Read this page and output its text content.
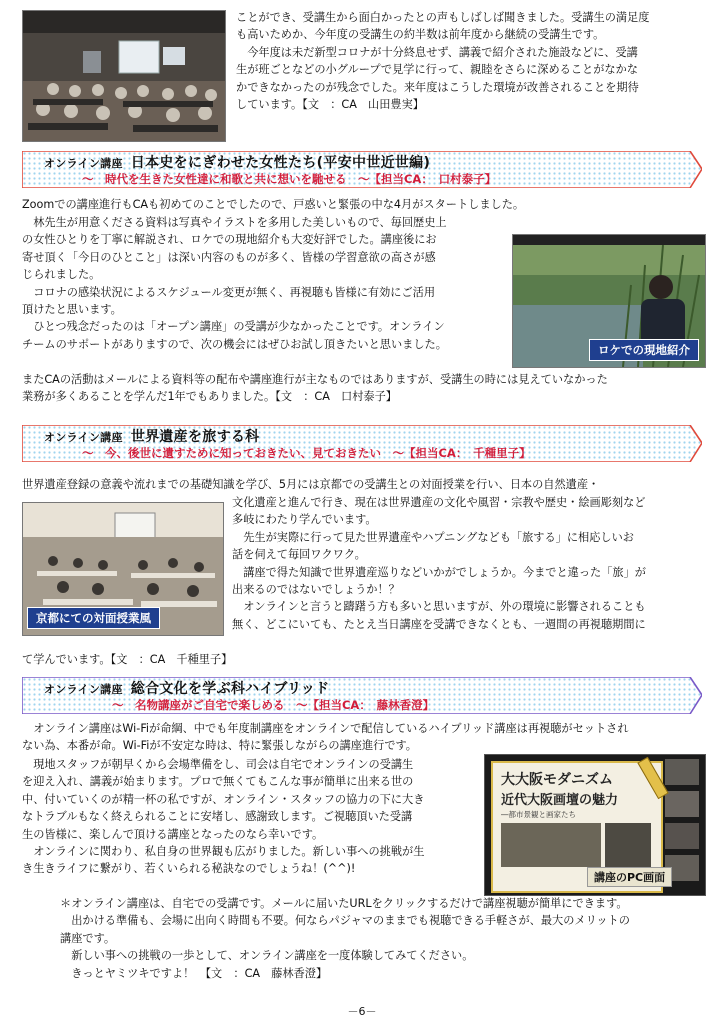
ことができ、受講生から面白かったとの声もしばしば聞きました。受講生の満足度

も高いためか、今年度の受講生の約半数は前年度から継続の受講生です。

　今年度は未だ新型コロナが十分終息せず、講義で紹介された施設などに、受講

生が班ごとなどの小グループで見学に行って、親睦をさらに深めることがなかな

かできなかったのが残念でした。来年度はこうした環境が改善されることを期待

しています。【文　：CA　山田豊実】

オンライン講座 日本史をにぎわせた女性たち(平安中世近世編)
～　時代を生きた女性達に和歌と共に想いを馳せる　～【担当CA：　口村泰子】

Zoomでの講座進行もCAも初めてのことでしたので、戸惑いと緊張の中な4月がスタートしました。

　林先生が用意くださる資料は写真やイラストを多用した美しいもので、毎回歴史上

の女性ひとりを丁寧に解説され、ロケでの現地紹介も大変好評でした。講座後にお

寄せ頂く「今日のひとこと」は深い内容のものが多く、皆様の学習意欲の高さが感

じられました。

　コロナの感染状況によるスケジュール変更が無く、再視聴も皆様に有効にご活用

頂けたと思います。

　ひとつ残念だったのは「オープン講座」の受講が少なかったことです。オンライン

チームのサポートがありますので、次の機会にはぜひお試し頂きたいと思いました。	ロケでの現地紹介

またCAの活動はメールによる資料等の配布や講座進行が主なものではありますが、受講生の時には見えていなかった

業務が多くあることを学んだ1年でもありました。【文　：CA　口村泰子】

オンライン講座 世界遺産を旅する科
～　今、後世に遺すために知っておきたい、見ておきたい　～【担当CA：　千種里子】

世界遺産登録の意義や流れまでの基礎知識を学び、5月には京都での受講生との対面授業を行い、日本の自然遺産・

京都にての対面授業風

文化遺産と進んで行き、現在は世界遺産の文化や風習・宗教や歴史・絵画彫刻など

多岐にわたり学んでいます。

　先生が実際に行って見た世界遺産やハプニングなども「旅する」に相応しいお

話を伺えて毎回ワクワク。

　講座で得た知識で世界遺産巡りなどいかがでしょうか。今までと違った「旅」が

出来るのではないでしょうか！？

　オンラインと言うと躊躇う方も多いと思いますが、外の環境に影響されることも

無く、どこにいても、たとえ当日講座を受講できなくとも、一週間の再視聴期間に

て学んでいます。【文　：CA　千種里子】

オンライン講座 総合文化を学ぶ科ハイブリッド
～　名物講座がご自宅で楽しめる　～【担当CA：　藤林香澄】

　オンライン講座はWi-Fiが命綱、中でも年度制講座をオンラインで配信しているハイブリッド講座は再視聴がセットされ

ない為、本番が命。Wi-Fiが不安定な時は、特に緊張しながらの講座進行です。

　現地スタッフが朝早くから会場準備をし、司会は自宅でオンラインの受講生

を迎え入れ、講義が始まります。プロで無くてもこんな事が簡単に出来る世の

中、付いていくのが精一杯の私ですが、オンライン・スタッフの協力の下に大き

なトラブルもなく終えられることに安堵し、感謝致します。ご視聴頂いた受講

生の皆様に、楽しんで頂ける講座となったのなら幸いです。

　オンラインに関わり、私自身の世界観も広がりました。新しい事への挑戦が生

き生きライフに繋がり、若くいられる秘訣なのでしょうね！(^^)!

大大阪モダニズム
近代大阪画壇の魅力
―都市景観と画家たち
講座のPC画面

＊オンライン講座は、自宅での受講です。メールに届いたURLをクリックするだけで講座視聴が簡単にできます。

　出かける準備も、会場に出向く時間も不要。何ならパジャマのままでも視聴できる手軽さが、最大のメリットの

講座です。

　新しい事への挑戦の一歩として、オンライン講座を一度体験してみてください。

　きっとヤミツキですよ！　【文　：CA　藤林香澄】

－6－
